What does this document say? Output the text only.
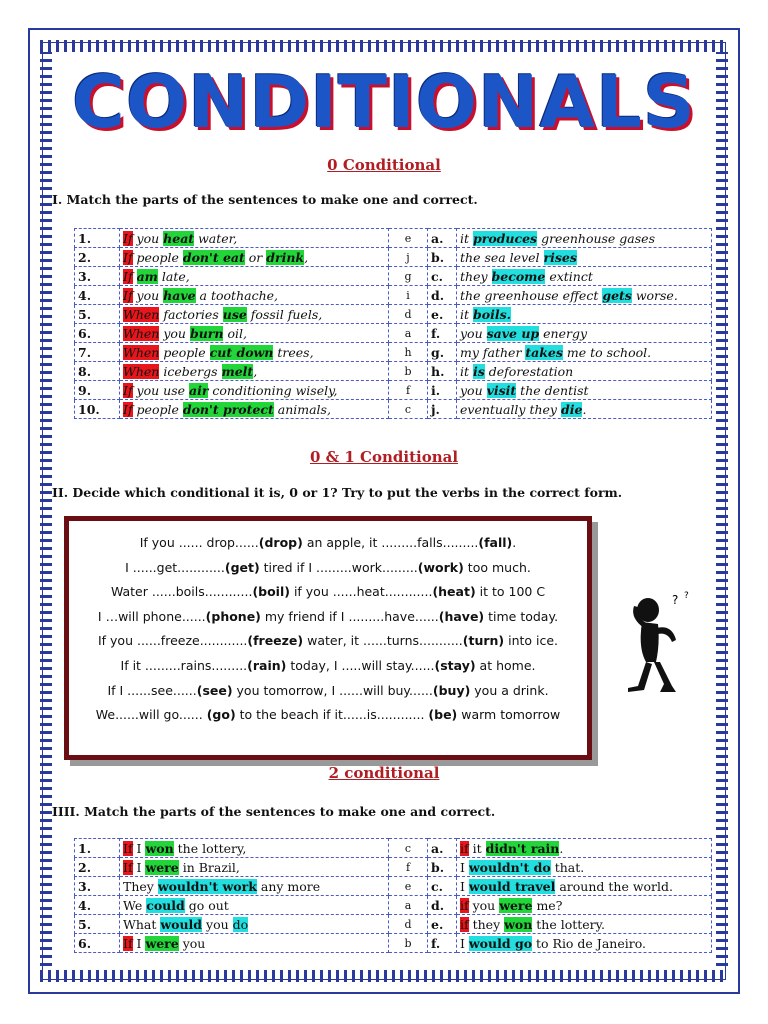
CONDITIONALS
0 Conditional
I. Match the parts of the sentences to make one and correct.
1.	If you heat water,	e	a.	it produces greenhouse gases
2.	If people don't eat or drink,	j	b.	the sea level rises
3.	If am late,	g	c.	they become extinct
4.	If you have a toothache,	i	d.	the greenhouse effect gets worse.
5.	When factories use fossil fuels,	d	e.	it boils.
6.	When you burn oil,	a	f.	you save up energy
7.	When people cut down trees,	h	g.	my father takes me to school.
8.	When icebergs melt,	b	h.	it is deforestation
9.	If you use air conditioning wisely,	f	i.	you visit the dentist
10.	If people don't protect animals,	c	j.	eventually they die.
0 & 1 Conditional
II. Decide which conditional it is, 0 or 1? Try to put the verbs in the correct form.
If you ...... drop......(drop) an apple, it .........falls.........(fall).
I ......get............(get) tired if I .........work.........(work) too much.
Water ......boils............(boil) if you ......heat............(heat) it to 100 C
I …will phone......(phone) my friend if I .........have......(have) time today.
If you ......freeze............(freeze) water, it ......turns...........(turn) into ice.
If it .........rains.........(rain) today, I .....will stay......(stay) at home.
If I ......see......(see) you tomorrow, I ......will buy......(buy) you a drink.
We......will go...... (go) to the beach if it......is............ (be) warm tomorrow
? ?
2 conditional
IIII. Match the parts of the sentences to make one and correct.
1.	If I won the lottery,	c	a.	if it didn't rain.
2.	If I were in Brazil,	f	b.	I wouldn't do that.
3.	They wouldn't work any more	e	c.	I would travel around the world.
4.	We could go out	a	d.	if you were me?
5.	What would you do	d	e.	if they won the lottery.
6.	If I were you	b	f.	I would go to Rio de Janeiro.
